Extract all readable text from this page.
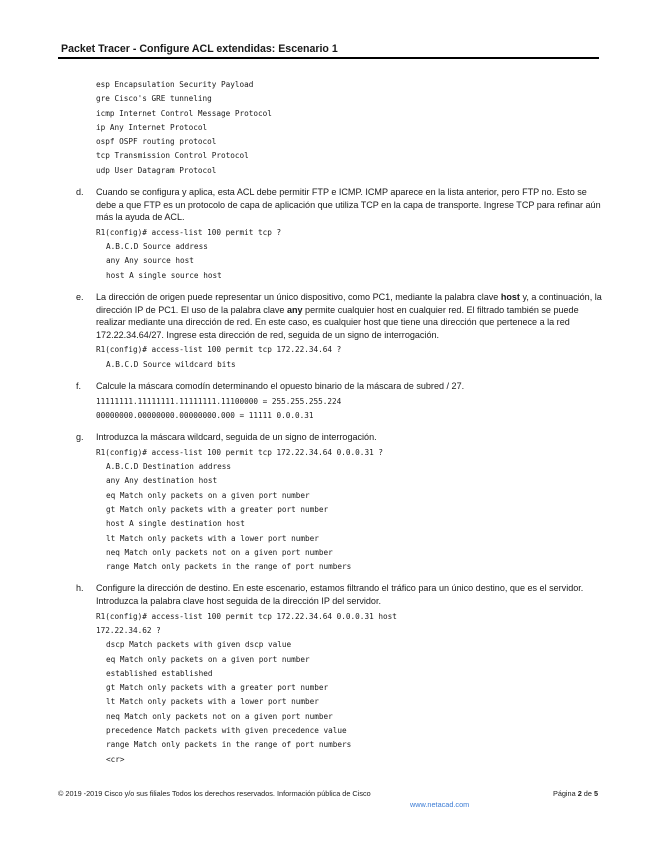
Packet Tracer - Configure ACL extendidas: Escenario 1
esp Encapsulation Security Payload
gre Cisco's GRE tunneling
icmp Internet Control Message Protocol
ip Any Internet Protocol
ospf OSPF routing protocol
tcp Transmission Control Protocol
udp User Datagram Protocol
d. Cuando se configura y aplica, esta ACL debe permitir FTP e ICMP. ICMP aparece en la lista anterior, pero FTP no. Esto se debe a que FTP es un protocolo de capa de aplicación que utiliza TCP en la capa de transporte. Ingrese TCP para refinar aún más la ayuda de ACL.
R1(config)# access-list 100 permit tcp ?
A.B.C.D Source address
any Any source host
host A single source host
e. La dirección de origen puede representar un único dispositivo, como PC1, mediante la palabra clave host y, a continuación, la dirección IP de PC1. El uso de la palabra clave any permite cualquier host en cualquier red. El filtrado también se puede realizar mediante una dirección de red. En este caso, es cualquier host que tiene una dirección que pertenece a la red 172.22.34.64/27. Ingrese esta dirección de red, seguida de un signo de interrogación.
R1(config)# access-list 100 permit tcp 172.22.34.64 ?
A.B.C.D Source wildcard bits
f. Calcule la máscara comodín determinando el opuesto binario de la máscara de subred / 27.
11111111.11111111.11111111.11100000 = 255.255.255.224
00000000.00000000.00000000.000 = 11111 0.0.0.31
g. Introduzca la máscara wildcard, seguida de un signo de interrogación.
R1(config)# access-list 100 permit tcp 172.22.34.64 0.0.0.31 ?
A.B.C.D Destination address
any Any destination host
eq Match only packets on a given port number
gt Match only packets with a greater port number
host A single destination host
lt Match only packets with a lower port number
neq Match only packets not on a given port number
range Match only packets in the range of port numbers
h. Configure la dirección de destino. En este escenario, estamos filtrando el tráfico para un único destino, que es el servidor. Introduzca la palabra clave host seguida de la dirección IP del servidor.
R1(config)# access-list 100 permit tcp 172.22.34.64 0.0.0.31 host
172.22.34.62 ?
dscp Match packets with given dscp value
eq Match only packets on a given port number
established established
gt Match only packets with a greater port number
lt Match only packets with a lower port number
neq Match only packets not on a given port number
precedence Match packets with given precedence value
range Match only packets in the range of port numbers
<cr>
© 2019 -2019 Cisco y/o sus filiales Todos los derechos reservados. Información pública de Cisco	Página 2 de 5
www.netacad.com
